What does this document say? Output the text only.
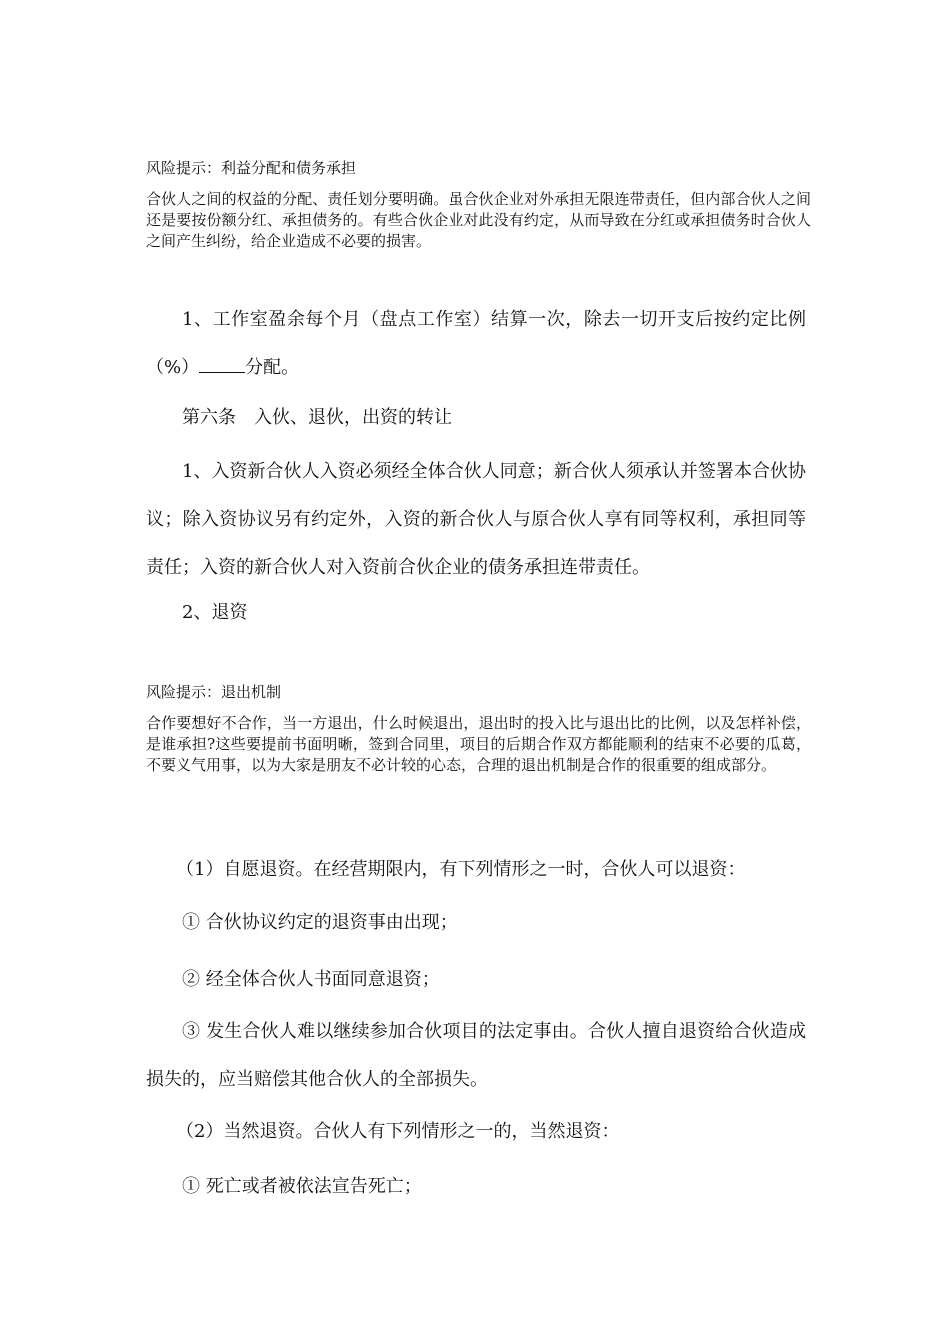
风险提示：利益分配和债务承担

合伙人之间的权益的分配、责任划分要明确。虽合伙企业对外承担无限连带责任，但内部合伙人之间还是要按份额分红、承担债务的。有些合伙企业对此没有约定，从而导致在分红或承担债务时合伙人之间产生纠纷，给企业造成不必要的损害。

1、工作室盈余每个月（盘点工作室）结算一次，除去一切开支后按约定比例（%）	分配。

第六条　入伙、退伙，出资的转让

1、入资新合伙人入资必须经全体合伙人同意；新合伙人须承认并签署本合伙协议；除入资协议另有约定外，入资的新合伙人与原合伙人享有同等权利，承担同等责任；入资的新合伙人对入资前合伙企业的债务承担连带责任。

2、退资

风险提示：退出机制

合作要想好不合作，当一方退出，什么时候退出，退出时的投入比与退出比的比例，以及怎样补偿，是谁承担?这些要提前书面明晰，签到合同里，项目的后期合作双方都能顺利的结束不必要的瓜葛，不要义气用事，以为大家是朋友不必计较的心态，合理的退出机制是合作的很重要的组成部分。

（1）自愿退资。在经营期限内，有下列情形之一时，合伙人可以退资：

① 合伙协议约定的退资事由出现；

② 经全体合伙人书面同意退资；

③ 发生合伙人难以继续参加合伙项目的法定事由。合伙人擅自退资给合伙造成损失的，应当赔偿其他合伙人的全部损失。

（2）当然退资。合伙人有下列情形之一的，当然退资：

① 死亡或者被依法宣告死亡；
